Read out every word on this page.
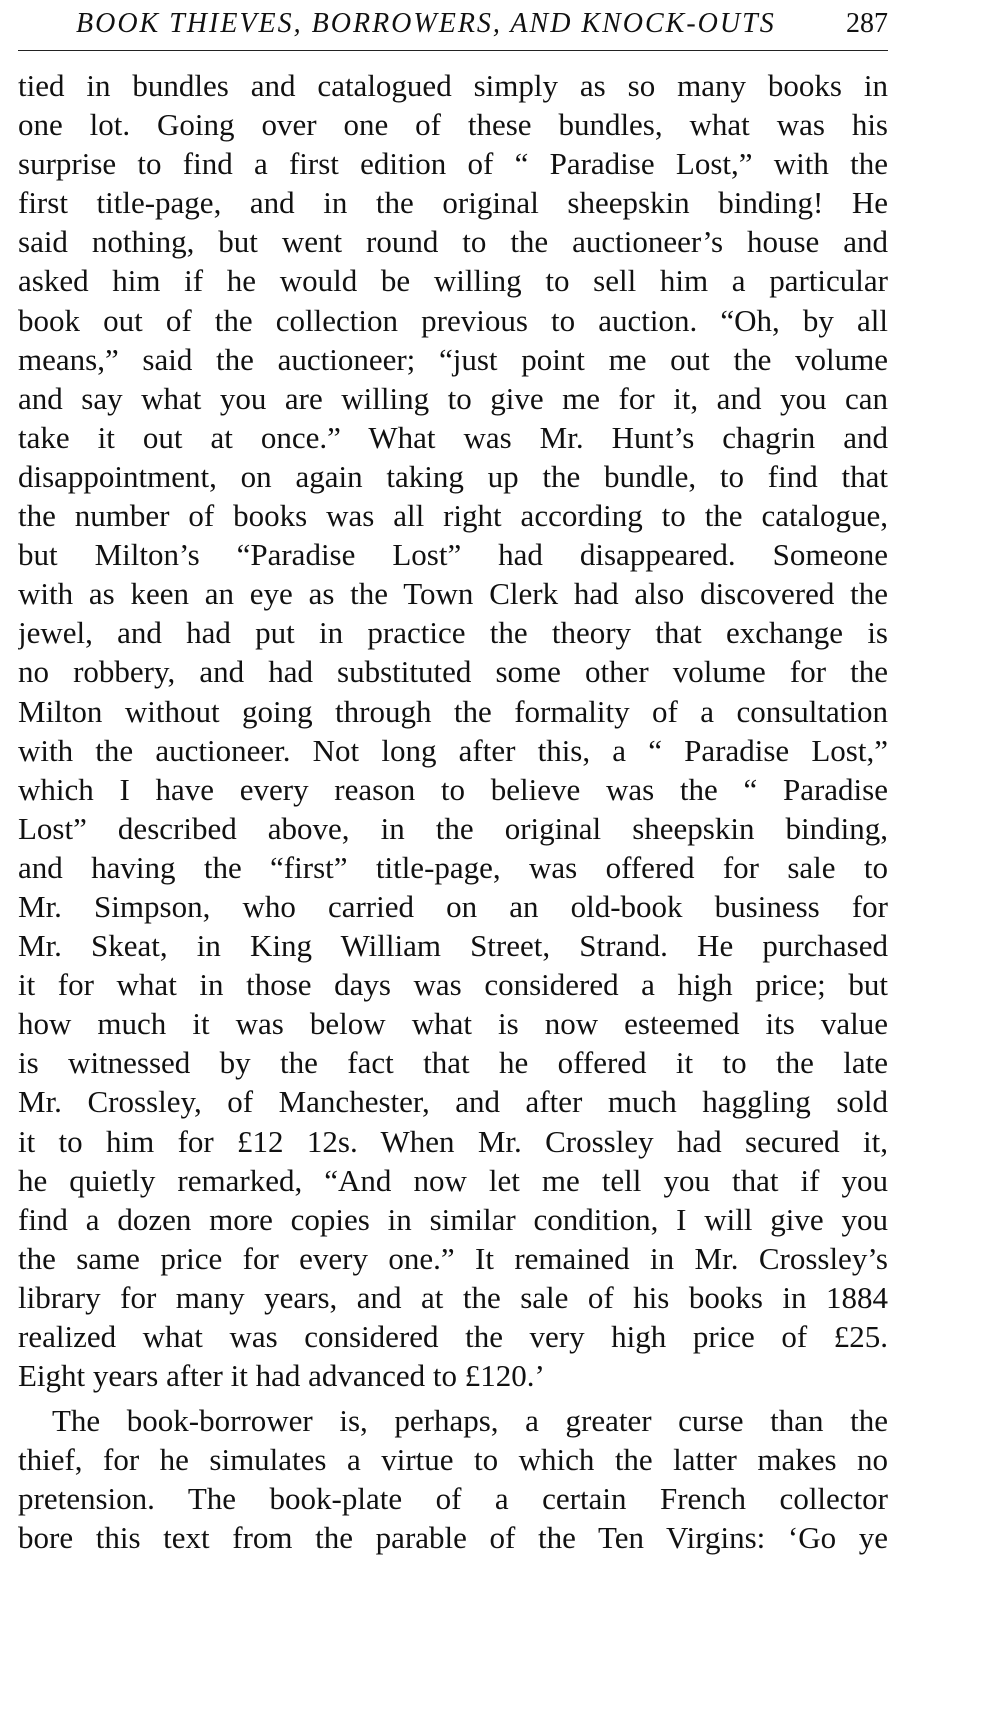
BOOK THIEVES, BORROWERS, AND KNOCK-OUTS	287
tied in bundles and catalogued simply as so many books in
one lot. Going over one of these bundles, what was his
surprise to find a first edition of “ Paradise Lost,” with the
first title-page, and in the original sheepskin binding! He
said nothing, but went round to the auctioneer’s house and
asked him if he would be willing to sell him a particular
book out of the collection previous to auction. “Oh, by all
means,” said the auctioneer; “just point me out the volume
and say what you are willing to give me for it, and you can
take it out at once.” What was Mr. Hunt’s chagrin and
disappointment, on again taking up the bundle, to find that
the number of books was all right according to the catalogue,
but Milton’s “Paradise Lost” had disappeared. Someone
with as keen an eye as the Town Clerk had also discovered the
jewel, and had put in practice the theory that exchange is
no robbery, and had substituted some other volume for the
Milton without going through the formality of a consultation
with the auctioneer. Not long after this, a “ Paradise Lost,”
which I have every reason to believe was the “ Paradise
Lost” described above, in the original sheepskin binding,
and having the “first” title-page, was offered for sale to
Mr. Simpson, who carried on an old-book business for
Mr. Skeat, in King William Street, Strand. He purchased
it for what in those days was considered a high price; but
how much it was below what is now esteemed its value
is witnessed by the fact that he offered it to the late
Mr. Crossley, of Manchester, and after much haggling sold
it to him for £12 12s. When Mr. Crossley had secured it,
he quietly remarked, “And now let me tell you that if you
find a dozen more copies in similar condition, I will give you
the same price for every one.” It remained in Mr. Crossley’s
library for many years, and at the sale of his books in 1884
realized what was considered the very high price of £25.
Eight years after it had advanced to £120.’
The book-borrower is, perhaps, a greater curse than the
thief, for he simulates a virtue to which the latter makes no
pretension. The book-plate of a certain French collector
bore this text from the parable of the Ten Virgins: ‘Go ye
